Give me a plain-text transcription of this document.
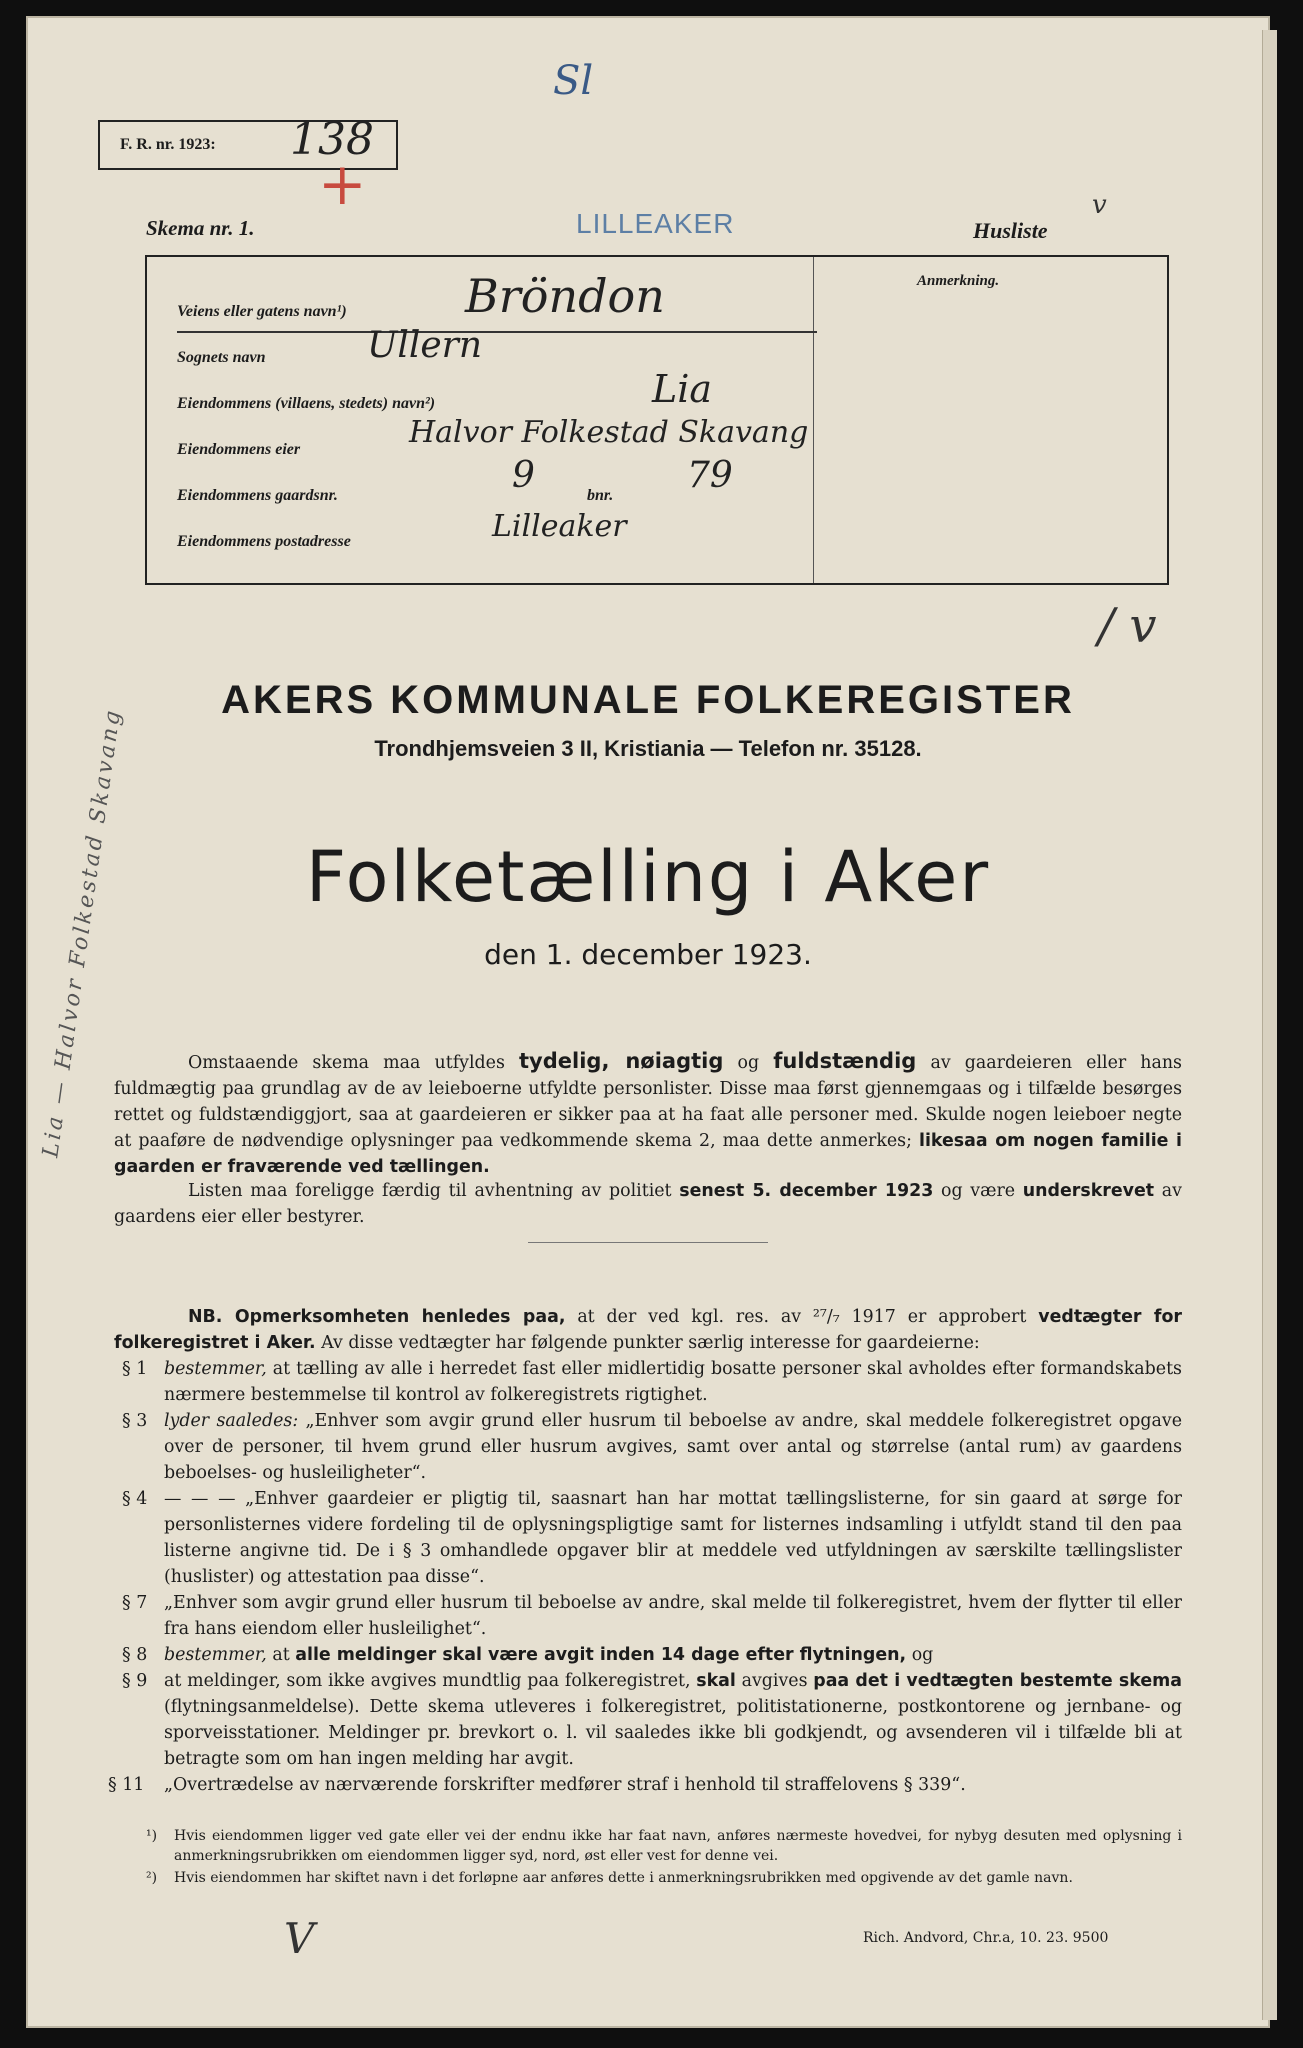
F. R. nr. 1923: 138
Sl
+
Skema nr. 1.	LILLEAKER	Husliste
v
Anmerkning.
Veiens eller gatens navn¹)	Bröndon
Sognets navn	Ullern
Eiendommens (villaens, stedets) navn²)	Lia
Eiendommens eier	Halvor Folkestad Skavang
Eiendommens gaardsnr.	9	bnr. 79
Eiendommens postadresse	Lilleaker
/ v
Lia — Halvor Folkestad Skavang
AKERS KOMMUNALE FOLKEREGISTER
Trondhjemsveien 3 II, Kristiania — Telefon nr. 35128.
Folketælling i Aker
den 1. december 1923.
Omstaaende skema maa utfyldes tydelig, nøiagtig og fuldstændig av gaardeieren eller hans fuldmægtig paa grundlag av de av leieboerne utfyldte personlister. Disse maa først gjennemgaas og i tilfælde besørges rettet og fuldstændiggjort, saa at gaardeieren er sikker paa at ha faat alle personer med. Skulde nogen leieboer negte at paaføre de nødvendige oplysninger paa vedkommende skema 2, maa dette anmerkes; likesaa om nogen familie i gaarden er fraværende ved tællingen.
Listen maa foreligge færdig til avhentning av politiet senest 5. december 1923 og være underskrevet av gaardens eier eller bestyrer.
NB. Opmerksomheten henledes paa, at der ved kgl. res. av ²⁷/₇ 1917 er approbert vedtægter for folkeregistret i Aker. Av disse vedtægter har følgende punkter særlig interesse for gaardeierne:
§ 1 bestemmer, at tælling av alle i herredet fast eller midlertidig bosatte personer skal avholdes efter formandskabets nærmere bestemmelse til kontrol av folkeregistrets rigtighet.
§ 3 lyder saaledes: „Enhver som avgir grund eller husrum til beboelse av andre, skal meddele folkeregistret opgave over de personer, til hvem grund eller husrum avgives, samt over antal og størrelse (antal rum) av gaardens beboelses- og husleiligheter“.
§ 4 — — — „Enhver gaardeier er pligtig til, saasnart han har mottat tællingslisterne, for sin gaard at sørge for personlisternes videre fordeling til de oplysningspligtige samt for listernes indsamling i utfyldt stand til den paa listerne angivne tid. De i § 3 omhandlede opgaver blir at meddele ved utfyldningen av særskilte tællingslister (huslister) og attestation paa disse“.
§ 7 „Enhver som avgir grund eller husrum til beboelse av andre, skal melde til folkeregistret, hvem der flytter til eller fra hans eiendom eller husleilighet“.
§ 8 bestemmer, at alle meldinger skal være avgit inden 14 dage efter flytningen, og
§ 9 at meldinger, som ikke avgives mundtlig paa folkeregistret, skal avgives paa det i vedtægten bestemte skema (flytningsanmeldelse). Dette skema utleveres i folkeregistret, politistationerne, postkontorene og jernbane- og sporveisstationer. Meldinger pr. brevkort o. l. vil saaledes ikke bli godkjendt, og avsenderen vil i tilfælde bli at betragte som om han ingen melding har avgit.
§ 11 „Overtrædelse av nærværende forskrifter medfører straf i henhold til straffelovens § 339“.
¹) Hvis eiendommen ligger ved gate eller vei der endnu ikke har faat navn, anføres nærmeste hovedvei, for nybyg desuten med oplysning i anmerkningsrubrikken om eiendommen ligger syd, nord, øst eller vest for denne vei.
²) Hvis eiendommen har skiftet navn i det forløpne aar anføres dette i anmerkningsrubrikken med opgivende av det gamle navn.
V	Rich. Andvord, Chr.a, 10. 23. 9500
